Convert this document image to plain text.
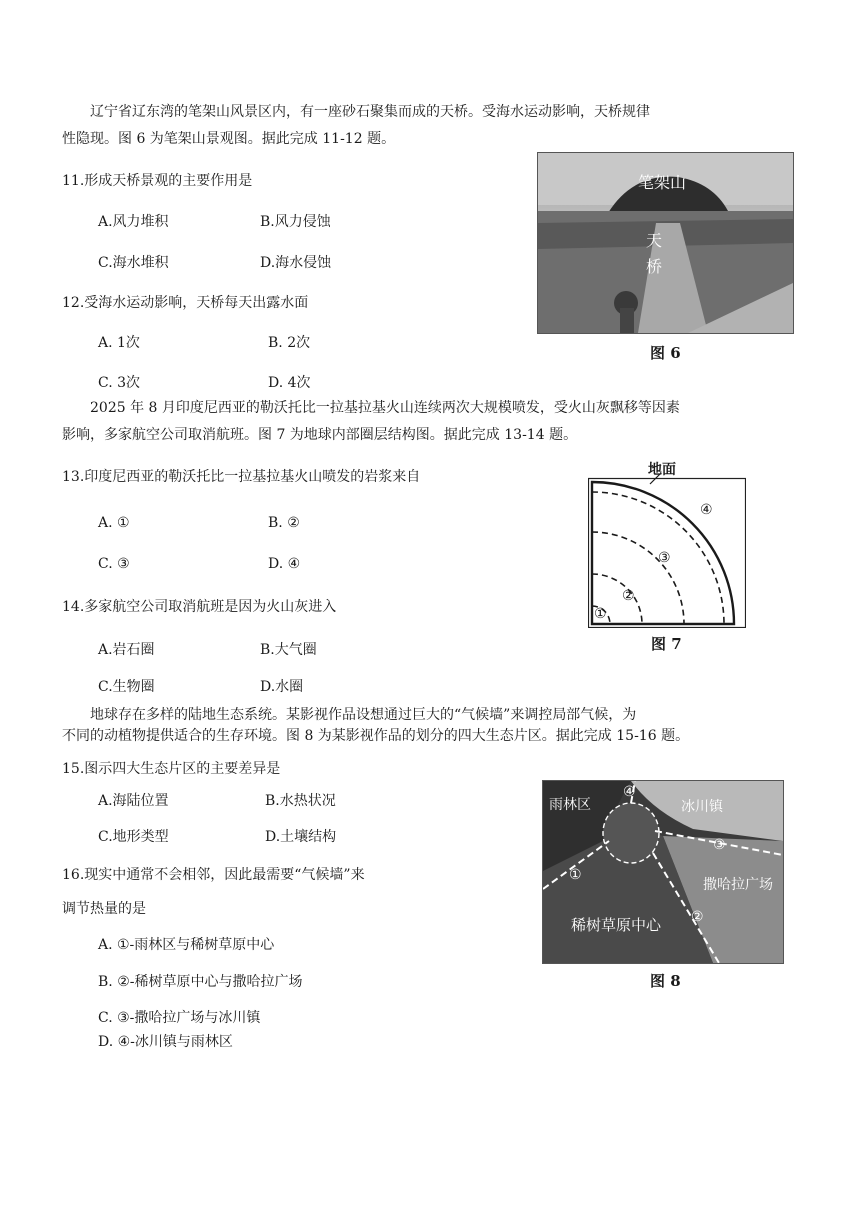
辽宁省辽东湾的笔架山风景区内，有一座砂石聚集而成的天桥。受海水运动影响，天桥规律
性隐现。图 6 为笔架山景观图。据此完成 11-12 题。
11.形成天桥景观的主要作用是
A.风力堆积	B.风力侵蚀
C.海水堆积	D.海水侵蚀
12.受海水运动影响，天桥每天出露水面
A. 1次	B. 2次
C. 3次	D. 4次
笔架山
天
桥
图 6
2025 年 8 月印度尼西亚的勒沃托比一拉基拉基火山连续两次大规模喷发，受火山灰飘移等因素
影响，多家航空公司取消航班。图 7 为地球内部圈层结构图。据此完成 13-14 题。
13.印度尼西亚的勒沃托比一拉基拉基火山喷发的岩浆来自
A. ①	B. ②
C. ③	D. ④
14.多家航空公司取消航班是因为火山灰进入
A.岩石圈	B.大气圈
C.生物圈	D.水圈
地面
①
②
③
④
图 7
地球存在多样的陆地生态系统。某影视作品设想通过巨大的“气候墙”来调控局部气候，为
不同的动植物提供适合的生存环境。图 8 为某影视作品的划分的四大生态片区。据此完成 15-16 题。
15.图示四大生态片区的主要差异是
A.海陆位置	B.水热状况
C.地形类型	D.土壤结构
16.现实中通常不会相邻，因此最需要“气候墙”来
调节热量的是
A. ①-雨林区与稀树草原中心
B. ②-稀树草原中心与撒哈拉广场
C. ③-撒哈拉广场与冰川镇
D. ④-冰川镇与雨林区
雨林区	冰川镇
撒哈拉广场
稀树草原中心
①
②
③
④
图 8
